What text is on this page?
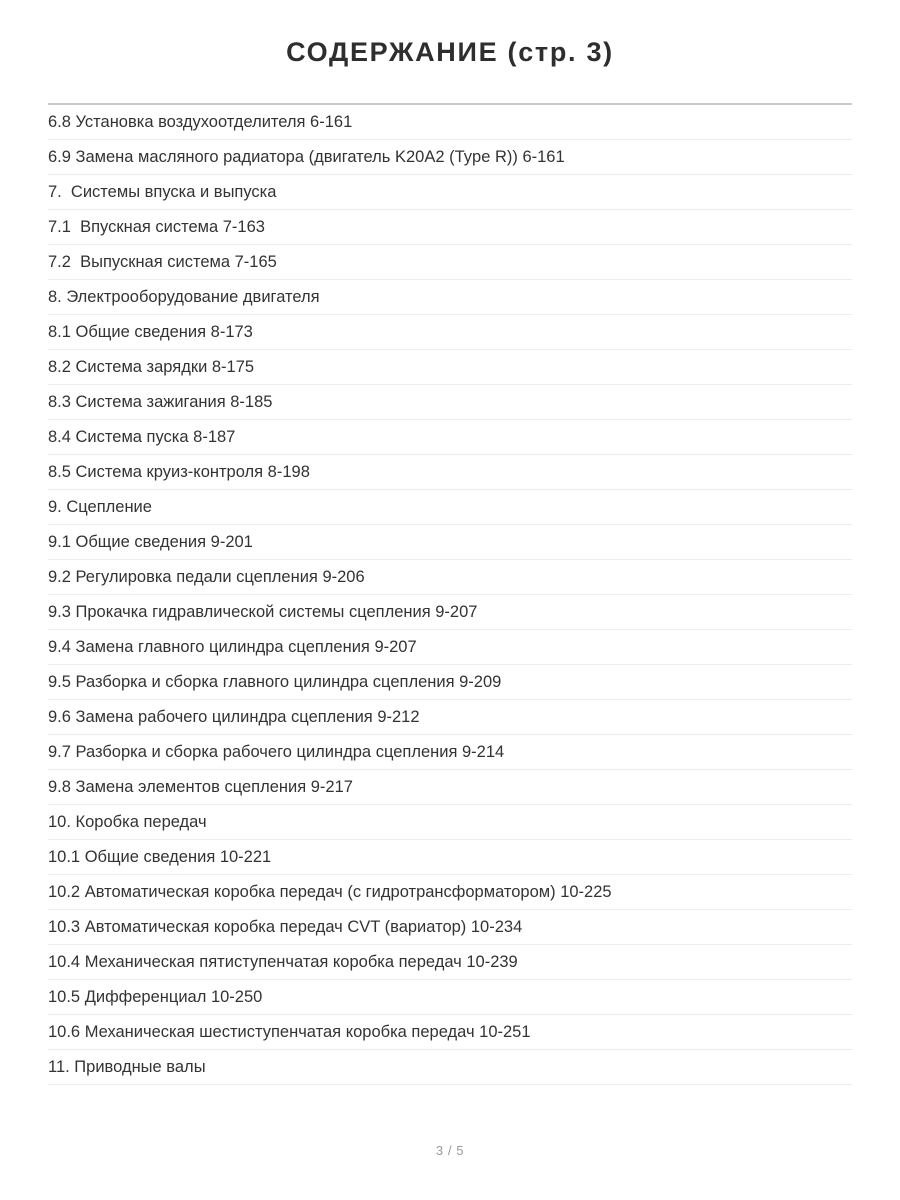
СОДЕРЖАНИЕ (стр. 3)
6.8 Установка воздухоотделителя 6-161
6.9 Замена масляного радиатора (двигатель K20A2 (Type R)) 6-161
7.  Системы впуска и выпуска
7.1  Впускная система 7-163
7.2  Выпускная система 7-165
8. Электрооборудование двигателя
8.1 Общие сведения 8-173
8.2 Система зарядки 8-175
8.3 Система зажигания 8-185
8.4 Система пуска 8-187
8.5 Система круиз-контроля 8-198
9. Сцепление
9.1 Общие сведения 9-201
9.2 Регулировка педали сцепления 9-206
9.3 Прокачка гидравлической системы сцепления 9-207
9.4 Замена главного цилиндра сцепления 9-207
9.5 Разборка и сборка главного цилиндра сцепления 9-209
9.6 Замена рабочего цилиндра сцепления 9-212
9.7 Разборка и сборка рабочего цилиндра сцепления 9-214
9.8 Замена элементов сцепления 9-217
10. Коробка передач
10.1 Общие сведения 10-221
10.2 Автоматическая коробка передач (с гидротрансформатором) 10-225
10.3 Автоматическая коробка передач CVT (вариатор) 10-234
10.4 Механическая пятиступенчатая коробка передач 10-239
10.5 Дифференциал 10-250
10.6 Механическая шестиступенчатая коробка передач 10-251
11. Приводные валы
3 / 5
